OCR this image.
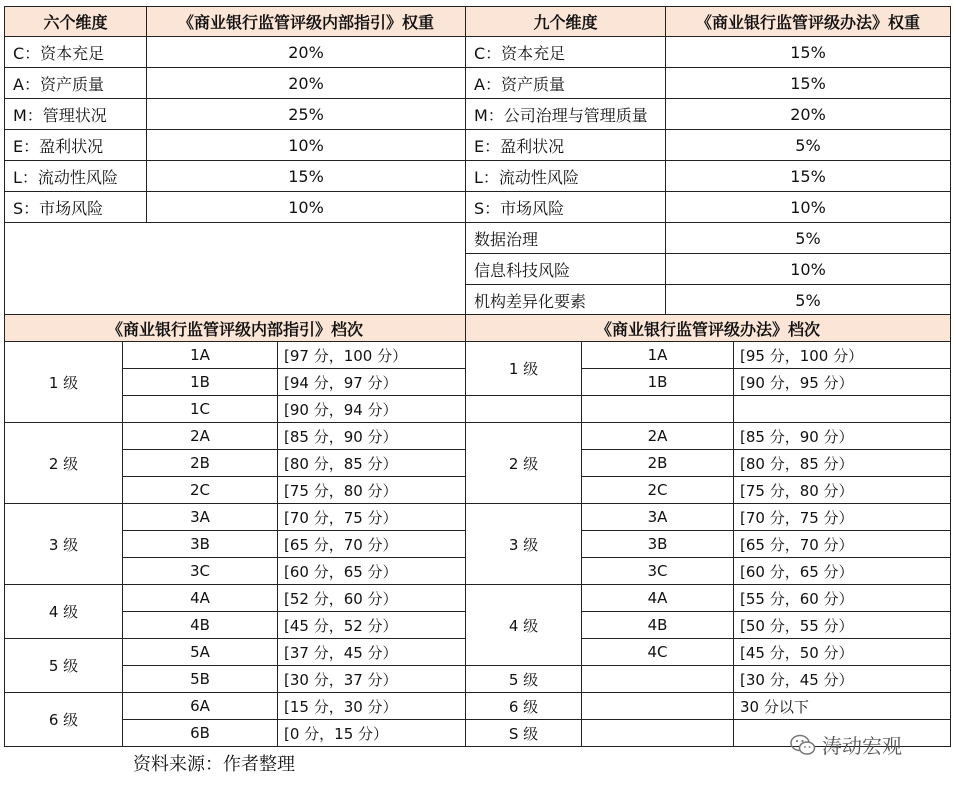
六个维度	《商业银行监管评级内部指引》权重	九个维度	《商业银行监管评级办法》权重
C：资本充足	20%	C：资本充足	15%
A：资产质量	20%	A：资产质量	15%
M：管理状况	25%	M：公司治理与管理质量	20%
E：盈利状况	10%	E：盈利状况	5%
L：流动性风险	15%	L：流动性风险	15%
S：市场风险	10%	S：市场风险	10%
		数据治理	5%
		信息科技风险	10%
		机构差异化要素	5%
《商业银行监管评级内部指引》档次			《商业银行监管评级办法》档次		
1 级	1A	[97 分，100 分）	1 级	1A	[95 分，100 分）
	1B	[94 分，97 分）		1B	[90 分，95 分）
	1C	[90 分，94 分）			
2 级	2A	[85 分，90 分）	2 级	2A	[85 分，90 分）
	2B	[80 分，85 分）		2B	[80 分，85 分）
	2C	[75 分，80 分）		2C	[75 分，80 分）
3 级	3A	[70 分，75 分）	3 级	3A	[70 分，75 分）
	3B	[65 分，70 分）		3B	[65 分，70 分）
	3C	[60 分，65 分）		3C	[60 分，65 分）
4 级	4A	[52 分，60 分）	4 级	4A	[55 分，60 分）
	4B	[45 分，52 分）		4B	[50 分，55 分）
5 级	5A	[37 分，45 分）		4C	[45 分，50 分）
	5B	[30 分，37 分）	5 级		[30 分，45 分）
6 级	6A	[15 分，30 分）	6 级		30 分以下
	6B	[0 分，15 分）	S 级		
资料来源：作者整理
涛动宏观
